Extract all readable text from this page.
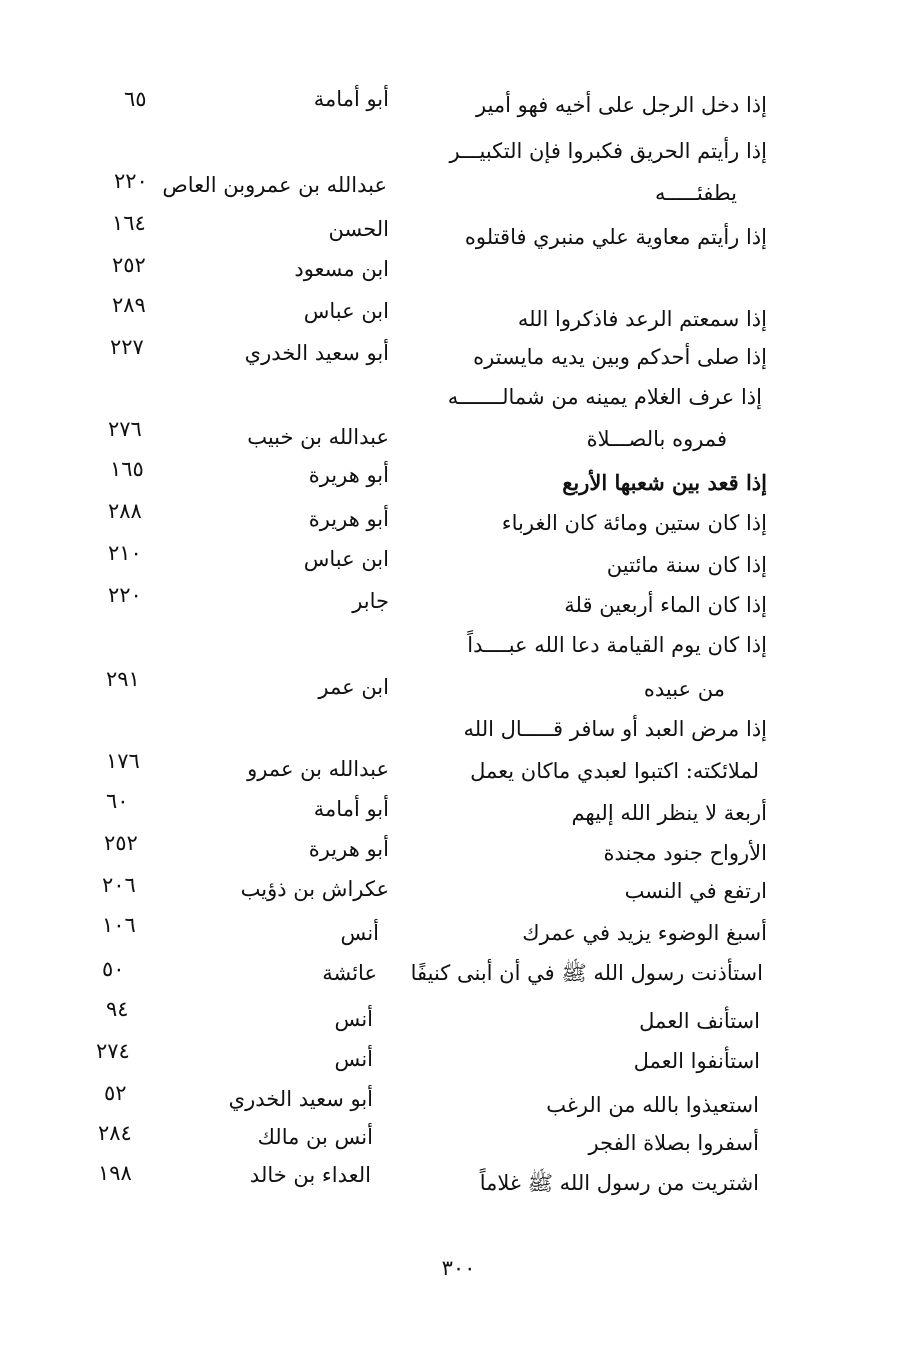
إذا دخل الرجل على أخيه فهو أمير
أبو أمامة
٦٥
إذا رأيتم الحريق فكبروا فإن التكبيـــر
يطفئـــــه
عبدالله بن عمروبن العاص
٢٢٠
إذا رأيتم معاوية علي منبري فاقتلوه
الحسن
١٦٤
ابن مسعود
٢٥٢
إذا سمعتم الرعد فاذكروا الله
ابن عباس
٢٨٩
إذا صلى أحدكم وبين يديه مايستره
أبو سعيد الخدري
٢٢٧
إذا عرف الغلام يمينه من شمالـــــــه
فمروه بالصـــلاة
عبدالله بن خبيب
٢٧٦
إذا قعد بين شعبها الأربع
أبو هريرة
١٦٥
إذا كان ستين ومائة كان الغرباء
أبو هريرة
٢٨٨
إذا كان سنة مائتين
ابن عباس
٢١٠
إذا كان الماء أربعين قلة
جابر
٢٢٠
إذا كان يوم القيامة دعا الله عبــــداً
من عبيده
ابن عمر
٢٩١
إذا مرض العبد أو سافر قـــــال الله
لملائكته: اكتبوا لعبدي ماكان يعمل
عبدالله بن عمرو
١٧٦
أربعة لا ينظر الله إليهم
أبو أمامة
٦٠
الأرواح جنود مجندة
أبو هريرة
٢٥٢
ارتفع في النسب
عكراش بن ذؤيب
٢٠٦
أسبغ الوضوء يزيد في عمرك
أنس
١٠٦
استأذنت رسول الله ﷺ في أن أبنى كنيفًا
عائشة
٥٠
استأنف العمل
أنس
٩٤
استأنفوا العمل
أنس
٢٧٤
استعيذوا بالله من الرغب
أبو سعيد الخدري
٥٢
أسفروا بصلاة الفجر
أنس بن مالك
٢٨٤
اشتريت من رسول الله ﷺ غلاماً
العداء بن خالد
١٩٨
٣٠٠
